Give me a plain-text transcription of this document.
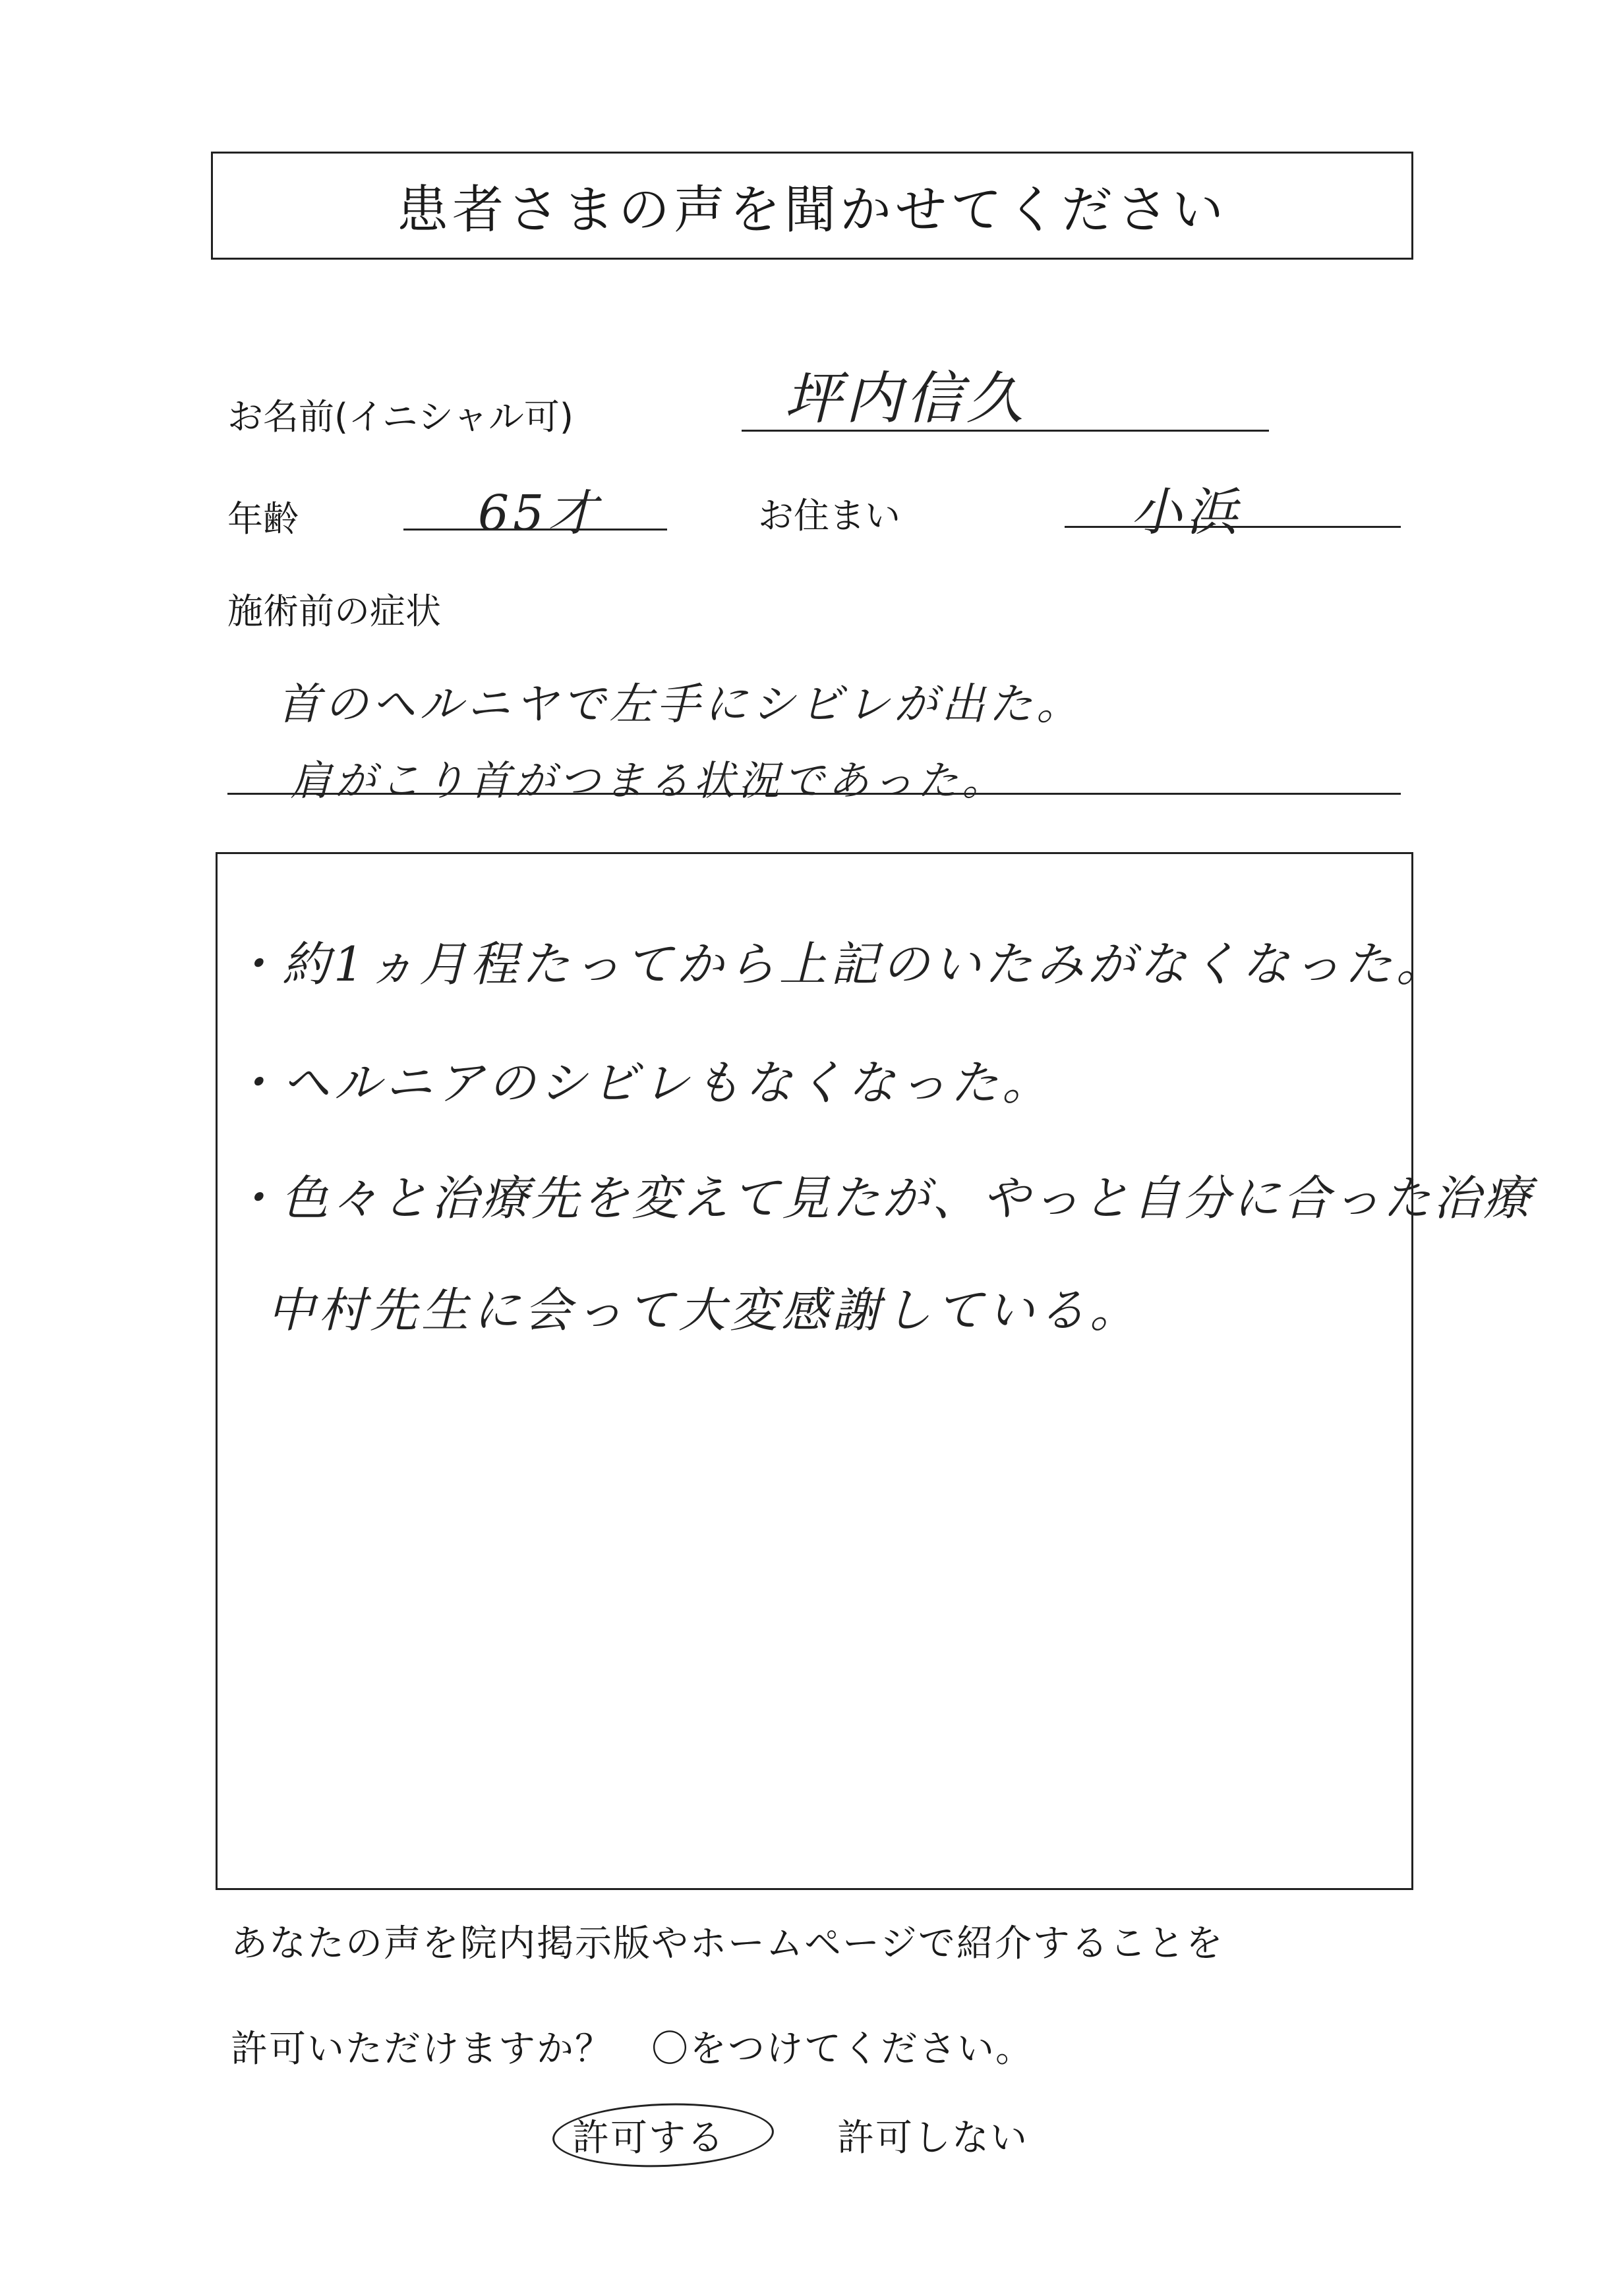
患者さまの声を聞かせてください
お名前(イニシャル可)	坪内信久
年齢	65才	お住まい	小浜
施術前の症状
首のヘルニヤで左手にシビレが出た。
肩がこり首がつまる状況であった。
・約1ヵ月程たってから上記のいたみがなくなった。
・ヘルニアのシビレもなくなった。
・色々と治療先を変えて見たが、やっと自分に合った治療
中村先生に会って大変感謝している。
あなたの声を院内掲示版やホームページで紹介することを
許可いただけますか？　〇をつけてください。
許可する	許可しない
